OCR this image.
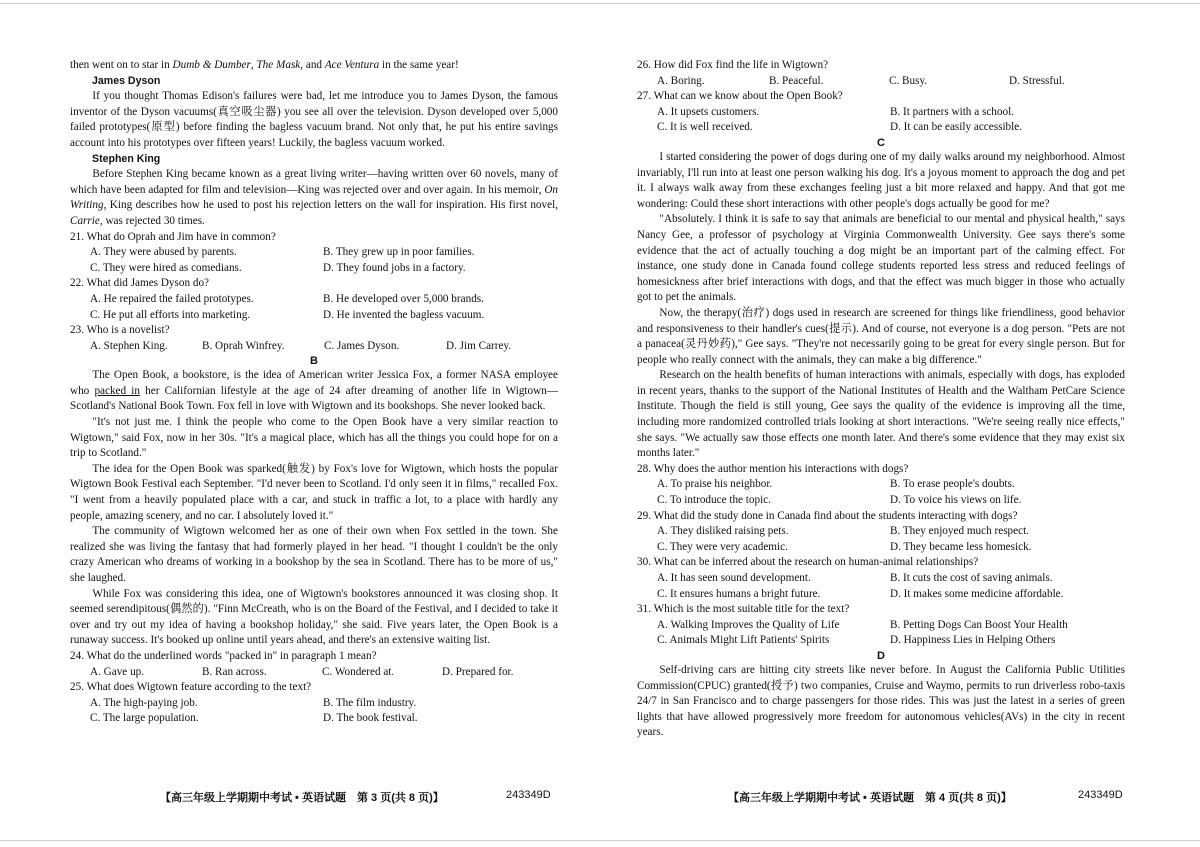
then went on to star in Dumb & Dumber, The Mask, and Ace Ventura in the same year!

James Dyson

If you thought Thomas Edison's failures were bad, let me introduce you to James Dyson, the famous inventor of the Dyson vacuums(真空吸尘器) you see all over the television. Dyson developed over 5,000 failed prototypes(原型) before finding the bagless vacuum brand. Not only that, he put his entire savings account into his prototypes over fifteen years! Luckily, the bagless vacuum worked.

Stephen King

Before Stephen King became known as a great living writer—having written over 60 novels, many of which have been adapted for film and television—King was rejected over and over again. In his memoir, On Writing, King describes how he used to post his rejection letters on the wall for inspiration. His first novel, Carrie, was rejected 30 times.

21. What do Oprah and Jim have in common?

A. They were abused by parents.	B. They grew up in poor families.
C. They were hired as comedians.	D. They found jobs in a factory.

22. What did James Dyson do?

A. He repaired the failed prototypes.	B. He developed over 5,000 brands.
C. He put all efforts into marketing.	D. He invented the bagless vacuum.

23. Who is a novelist?

A. Stephen King.	B. Oprah Winfrey.	C. James Dyson.	D. Jim Carrey.
B

The Open Book, a bookstore, is the idea of American writer Jessica Fox, a former NASA employee who packed in her Californian lifestyle at the age of 24 after dreaming of another life in Wigtown—Scotland's National Book Town. Fox fell in love with Wigtown and its bookshops. She never looked back.

"It's not just me. I think the people who come to the Open Book have a very similar reaction to Wigtown," said Fox, now in her 30s. "It's a magical place, which has all the things you could hope for on a trip to Scotland."

The idea for the Open Book was sparked(触发) by Fox's love for Wigtown, which hosts the popular Wigtown Book Festival each September. "I'd never been to Scotland. I'd only seen it in films," recalled Fox. "I went from a heavily populated place with a car, and stuck in traffic a lot, to a place with hardly any people, amazing scenery, and no car. I absolutely loved it."

The community of Wigtown welcomed her as one of their own when Fox settled in the town. She realized she was living the fantasy that had formerly played in her head. "I thought I couldn't be the only crazy American who dreams of working in a bookshop by the sea in Scotland. There has to be more of us," she laughed.

While Fox was considering this idea, one of Wigtown's bookstores announced it was closing shop. It seemed serendipitous(偶然的). "Finn McCreath, who is on the Board of the Festival, and I decided to take it over and try out my idea of having a bookshop holiday," she said. Five years later, the Open Book is a runaway success. It's booked up online until years ahead, and there's an extensive waiting list.

24. What do the underlined words "packed in" in paragraph 1 mean?

A. Gave up.	B. Ran across.	C. Wondered at.	D. Prepared for.

25. What does Wigtown feature according to the text?

A. The high-paying job.	B. The film industry.
C. The large population.	D. The book festival.
【高三年级上学期期中考试 • 英语试题　第 3 页(共 8 页)】	243349D

26. How did Fox find the life in Wigtown?

A. Boring.	B. Peaceful.	C. Busy.	D. Stressful.

27. What can we know about the Open Book?

A. It upsets customers.	B. It partners with a school.
C. It is well received.	D. It can be easily accessible.
C

I started considering the power of dogs during one of my daily walks around my neighborhood. Almost invariably, I'll run into at least one person walking his dog. It's a joyous moment to approach the dog and pet it. I always walk away from these exchanges feeling just a bit more relaxed and happy. And that got me wondering: Could these short interactions with other people's dogs actually be good for me?

"Absolutely. I think it is safe to say that animals are beneficial to our mental and physical health," says Nancy Gee, a professor of psychology at Virginia Commonwealth University. Gee says there's some evidence that the act of actually touching a dog might be an important part of the calming effect. For instance, one study done in Canada found college students reported less stress and reduced feelings of homesickness after brief interactions with dogs, and that the effect was much bigger in those who actually got to pet the animals.

Now, the therapy(治疗) dogs used in research are screened for things like friendliness, good behavior and responsiveness to their handler's cues(提示). And of course, not everyone is a dog person. "Pets are not a panacea(灵丹妙药)," Gee says. "They're not necessarily going to be great for every single person. But for people who really connect with the animals, they can make a big difference."

Research on the health benefits of human interactions with animals, especially with dogs, has exploded in recent years, thanks to the support of the National Institutes of Health and the Waltham PetCare Science Institute. Though the field is still young, Gee says the quality of the evidence is improving all the time, including more randomized controlled trials looking at short interactions. "We're seeing really nice effects," she says. "We actually saw those effects one month later. And there's some evidence that they may exist six months later."

28. Why does the author mention his interactions with dogs?

A. To praise his neighbor.	B. To erase people's doubts.
C. To introduce the topic.	D. To voice his views on life.

29. What did the study done in Canada find about the students interacting with dogs?

A. They disliked raising pets.	B. They enjoyed much respect.
C. They were very academic.	D. They became less homesick.

30. What can be inferred about the research on human-animal relationships?

A. It has seen sound development.	B. It cuts the cost of saving animals.
C. It ensures humans a bright future.	D. It makes some medicine affordable.

31. Which is the most suitable title for the text?

A. Walking Improves the Quality of Life	B. Petting Dogs Can Boost Your Health
C. Animals Might Lift Patients' Spirits	D. Happiness Lies in Helping Others
D

Self-driving cars are hitting city streets like never before. In August the California Public Utilities Commission(CPUC) granted(授予) two companies, Cruise and Waymo, permits to run driverless robo-taxis 24/7 in San Francisco and to charge passengers for those rides. This was just the latest in a series of green lights that have allowed progressively more freedom for autonomous vehicles(AVs) in the city in recent years.

【高三年级上学期期中考试 • 英语试题　第 4 页(共 8 页)】	243349D
